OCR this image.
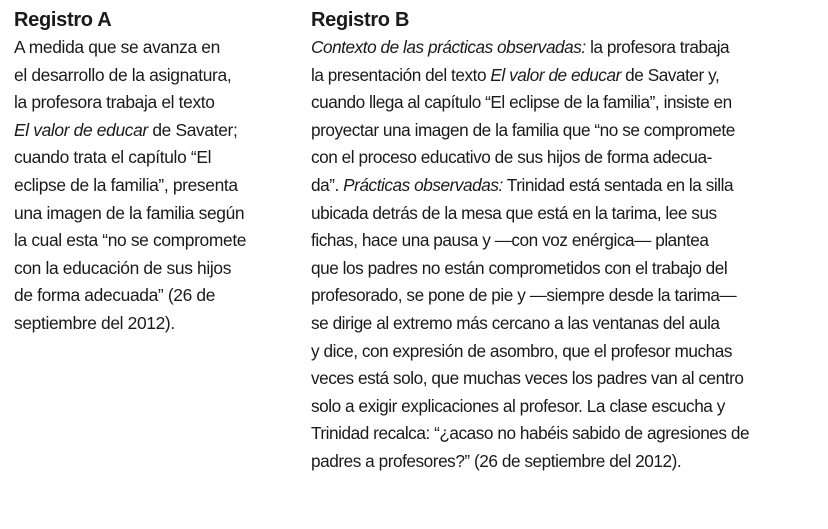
Registro A
A medida que se avanza en
el desarrollo de la asignatura,
la profesora trabaja el texto
El valor de educar de Savater;
cuando trata el capítulo “El
eclipse de la familia”, presenta
una imagen de la familia según
la cual esta “no se compromete
con la educación de sus hijos
de forma adecuada” (26 de
septiembre del 2012).
Registro B
Contexto de las prácticas observadas: la profesora trabaja
la presentación del texto El valor de educar de Savater y,
cuando llega al capítulo “El eclipse de la familia”, insiste en
proyectar una imagen de la familia que “no se compromete
con el proceso educativo de sus hijos de forma adecua-
da”. Prácticas observadas: Trinidad está sentada en la silla
ubicada detrás de la mesa que está en la tarima, lee sus
fichas, hace una pausa y —con voz enérgica— plantea
que los padres no están comprometidos con el trabajo del
profesorado, se pone de pie y —siempre desde la tarima—
se dirige al extremo más cercano a las ventanas del aula
y dice, con expresión de asombro, que el profesor muchas
veces está solo, que muchas veces los padres van al centro
solo a exigir explicaciones al profesor. La clase escucha y
Trinidad recalca: “¿acaso no habéis sabido de agresiones de
padres a profesores?” (26 de septiembre del 2012).
